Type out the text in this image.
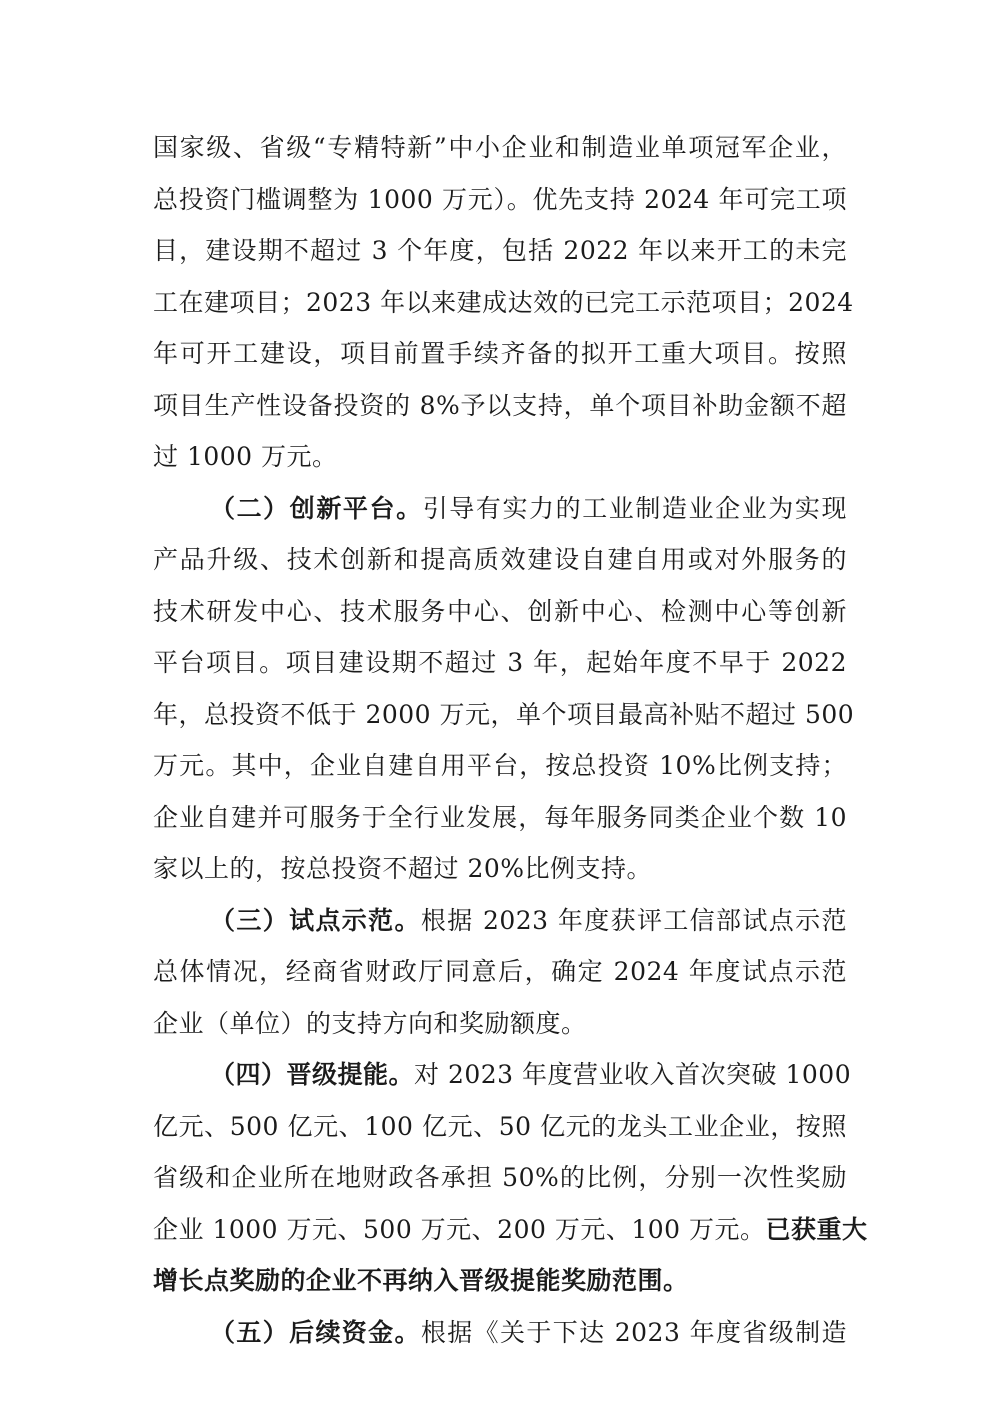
国家级、省级“专精特新”中小企业和制造业单项冠军企业，
总投资门槛调整为 1000 万元）。优先支持 2024 年可完工项
目，建设期不超过 3 个年度，包括 2022 年以来开工的未完
工在建项目；2023 年以来建成达效的已完工示范项目；2024
年可开工建设，项目前置手续齐备的拟开工重大项目。按照
项目生产性设备投资的 8%予以支持，单个项目补助金额不超
过 1000 万元。
（二）创新平台。引导有实力的工业制造业企业为实现
产品升级、技术创新和提高质效建设自建自用或对外服务的
技术研发中心、技术服务中心、创新中心、检测中心等创新
平台项目。项目建设期不超过 3 年，起始年度不早于 2022
年，总投资不低于 2000 万元，单个项目最高补贴不超过 500
万元。其中，企业自建自用平台，按总投资 10%比例支持；
企业自建并可服务于全行业发展，每年服务同类企业个数 10
家以上的，按总投资不超过 20%比例支持。
（三）试点示范。根据 2023 年度获评工信部试点示范
总体情况，经商省财政厅同意后，确定 2024 年度试点示范
企业（单位）的支持方向和奖励额度。
（四）晋级提能。对 2023 年度营业收入首次突破 1000
亿元、500 亿元、100 亿元、50 亿元的龙头工业企业，按照
省级和企业所在地财政各承担 50%的比例，分别一次性奖励
企业 1000 万元、500 万元、200 万元、100 万元。已获重大
增长点奖励的企业不再纳入晋级提能奖励范围。
（五）后续资金。根据《关于下达 2023 年度省级制造
